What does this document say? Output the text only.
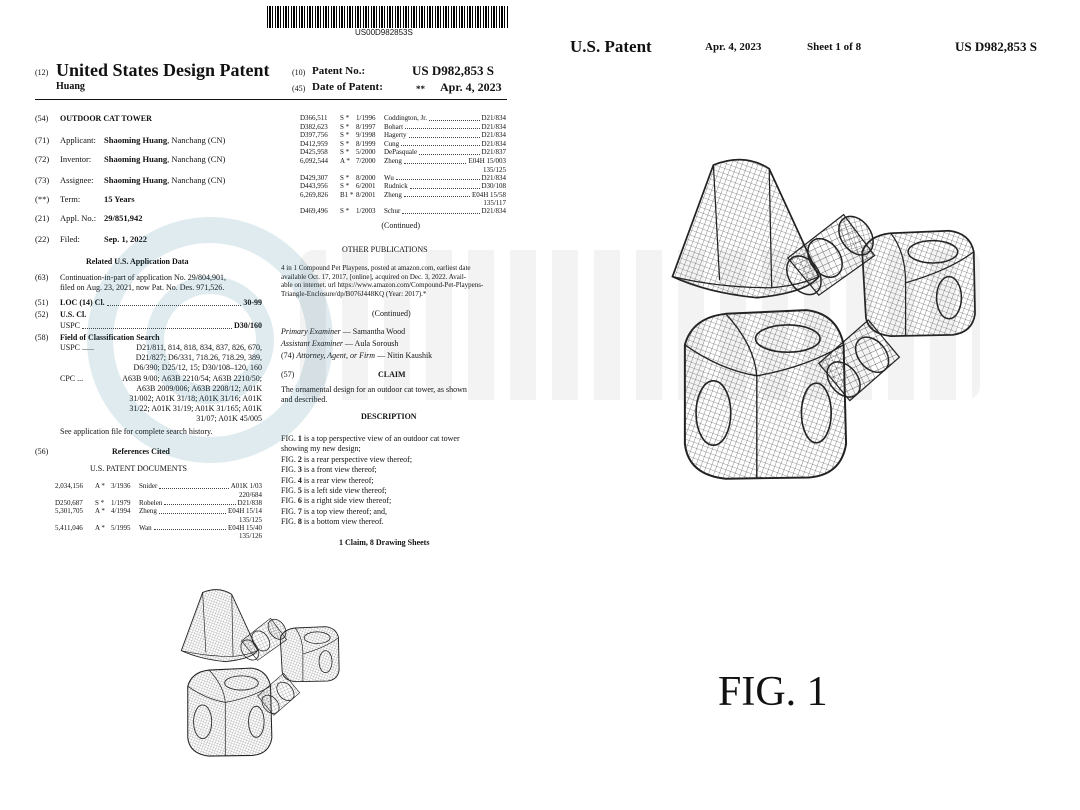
US00D982853S
(12) United States Design Patent
Huang
(10) Patent No.:	US D982,853 S
(45) Date of Patent:	** Apr. 4, 2023
(54) OUTDOOR CAT TOWER
(71) Applicant: Shaoming Huang, Nanchang (CN)
(72) Inventor: Shaoming Huang, Nanchang (CN)
(73) Assignee: Shaoming Huang, Nanchang (CN)
(**) Term:	15 Years
(21) Appl. No.: 29/851,942
(22) Filed:	Sep. 1, 2022
Related U.S. Application Data
(63) Continuation-in-part of application No. 29/804,901,
filed on Aug. 23, 2021, now Pat. No. Des. 971,526.
(51) LOC (14) Cl.	30-99
(52) U.S. Cl.
USPC	D30/160
(58) Field of Classification Search
USPC ......	D21/811, 814, 818, 834, 837, 826, 670,
D21/827; D6/331, 718.26, 718.29, 389,
D6/390; D25/12, 15; D30/108–120, 160
CPC ...	A63B 9/00; A63B 2210/54; A63B 2210/50;
A63B 2009/006; A63B 2208/12; A01K
31/002; A01K 31/18; A01K 31/16; A01K
31/22; A01K 31/19; A01K 31/165; A01K
31/07; A01K 45/005
See application file for complete search history.
(56)	References Cited
U.S. PATENT DOCUMENTS
2,034,156	A * 3/1936	Snider	A01K 1/03
220/684
D250,687	S * 1/1979	Robelen	D21/838
5,301,705	A * 4/1994	Zheng	E04H 15/14
135/125
5,411,046	A * 5/1995	Wan	E04H 15/40
135/126
D366,511	S * 1/1996	Coddington, Jr.	D21/834
D382,623	S * 8/1997	Bohart	D21/834
D397,756	S * 9/1998	Hagerty	D21/834
D412,959	S * 8/1999	Cung	D21/834
D425,958	S * 5/2000	DePasquale	D21/837
6,092,544	A * 7/2000	Zheng	E04H 15/003
135/125
D429,307	S * 8/2000	Wu	D21/834
D443,956	S * 6/2001	Rudnick	D30/108
6,269,826	B1 * 8/2001	Zheng	E04H 15/58
135/117
D469,496	S * 1/2003	Schur	D21/834
(Continued)
OTHER PUBLICATIONS
4 in 1 Compound Pet Playpens, posted at amazon.com, earliest date
available Oct. 17, 2017, [online], acquired on Dec. 3, 2022. Avail-
able on internet. url https://www.amazon.com/Compound-Pet-Playpens-
Triangle-Enclosure/dp/B076J448KQ (Year: 2017).*
(Continued)
Primary Examiner — Samantha Wood
Assistant Examiner — Aula Soroush
(74) Attorney, Agent, or Firm — Nitin Kaushik
(57)	CLAIM
The ornamental design for an outdoor cat tower, as shown
and described.
DESCRIPTION
FIG. 1 is a top perspective view of an outdoor cat tower
showing my new design;
FIG. 2 is a rear perspective view thereof;
FIG. 3 is a front view thereof;
FIG. 4 is a rear view thereof;
FIG. 5 is a left side view thereof;
FIG. 6 is a right side view thereof;
FIG. 7 is a top view thereof; and,
FIG. 8 is a bottom view thereof.
1 Claim, 8 Drawing Sheets
U.S. Patent	Apr. 4, 2023	Sheet 1 of 8	US D982,853 S
FIG. 1
